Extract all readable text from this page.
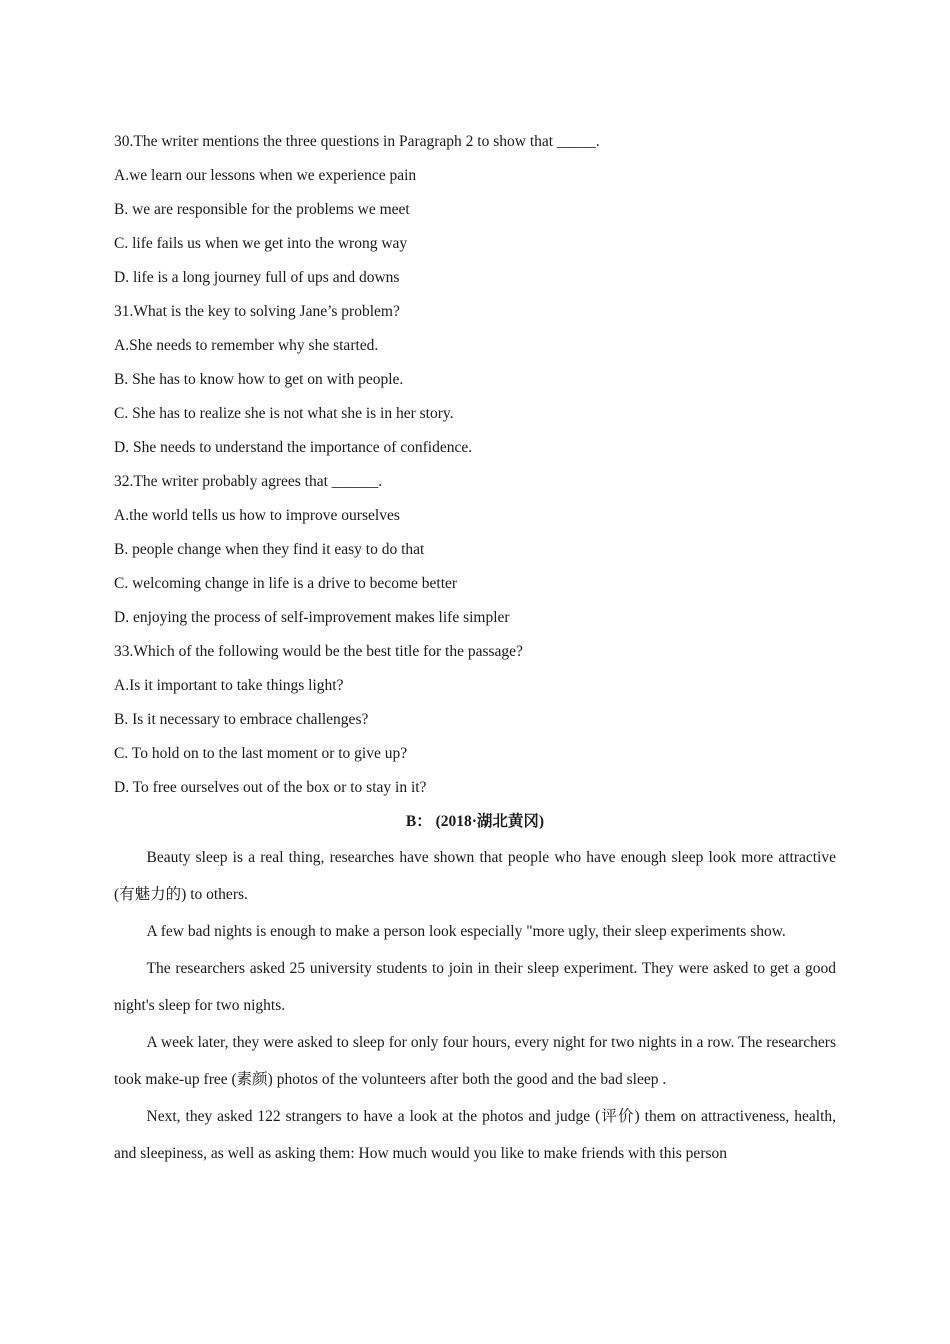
30.The writer mentions the three questions in Paragraph 2 to show that _____.

A.we learn our lessons when we experience pain

B. we are responsible for the problems we meet

C. life fails us when we get into the wrong way

D. life is a long journey full of ups and downs

31.What is the key to solving Jane’s problem?

A.She needs to remember why she started.

B. She has to know how to get on with people.

C. She has to realize she is not what she is in her story.

D. She needs to understand the importance of confidence.

32.The writer probably agrees that ______.

A.the world tells us how to improve ourselves

B. people change when they find it easy to do that

C. welcoming change in life is a drive to become better

D. enjoying the process of self-improvement makes life simpler

33.Which of the following would be the best title for the passage?

A.Is it important to take things light?

B. Is it necessary to embrace challenges?

C. To hold on to the last moment or to give up?

D. To free ourselves out of the box or to stay in it?

B： (2018·湖北黄冈)

Beauty sleep is a real thing, researches have shown that people who have enough sleep look more attractive (有魅力的) to others.

A few bad nights is enough to make a person look especially "more ugly, their sleep experiments show.

The researchers asked 25 university students to join in their sleep experiment. They were asked to get a good night's sleep for two nights.

A week later, they were asked to sleep for only four hours, every night for two nights in a row. The researchers took make-up free (素颜) photos of the volunteers after both the good and the bad sleep .

Next, they asked 122 strangers to have a look at the photos and judge (评价) them on attractiveness, health, and sleepiness, as well as asking them: How much would you like to make friends with this person
